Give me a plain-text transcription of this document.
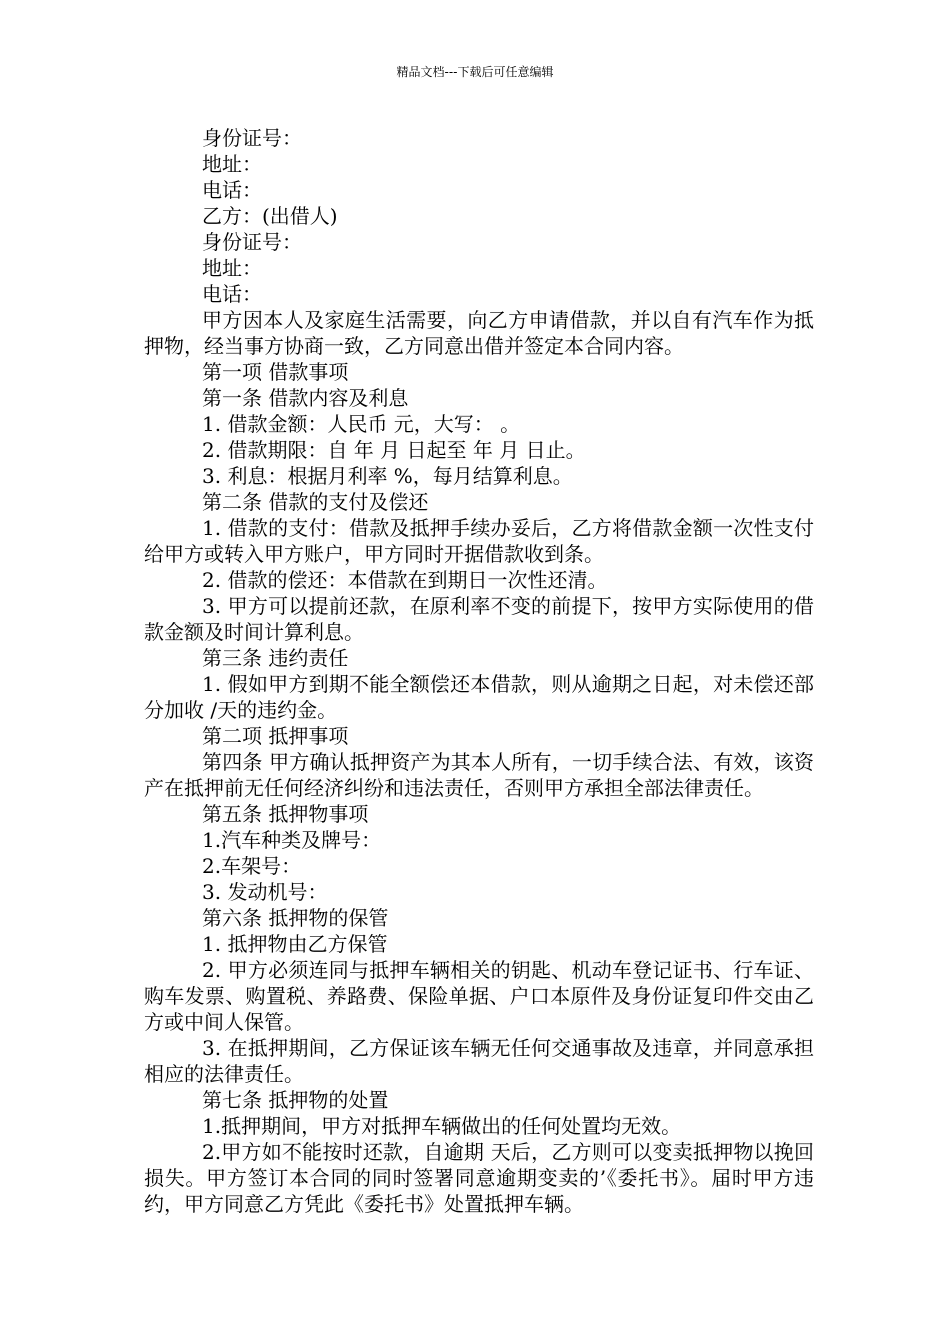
精品文档---下载后可任意编辑

身份证号：

地址：

电话：

乙方：(出借人)

身份证号：

地址：

电话：

甲方因本人及家庭生活需要，向乙方申请借款，并以自有汽车作为抵押物，经当事方协商一致，乙方同意出借并签定本合同内容。

第一项 借款事项

第一条 借款内容及利息

1. 借款金额：人民币 元，大写： 。

2. 借款期限：自 年 月 日起至 年 月 日止。

3. 利息：根据月利率 %，每月结算利息。

第二条 借款的支付及偿还

1. 借款的支付：借款及抵押手续办妥后，乙方将借款金额一次性支付给甲方或转入甲方账户，甲方同时开据借款收到条。

2. 借款的偿还：本借款在到期日一次性还清。

3. 甲方可以提前还款，在原利率不变的前提下，按甲方实际使用的借款金额及时间计算利息。

第三条 违约责任

1. 假如甲方到期不能全额偿还本借款，则从逾期之日起，对未偿还部分加收 /天的违约金。

第二项 抵押事项

第四条 甲方确认抵押资产为其本人所有，一切手续合法、有效，该资产在抵押前无任何经济纠纷和违法责任，否则甲方承担全部法律责任。

第五条 抵押物事项

1.汽车种类及牌号：

2.车架号：

3. 发动机号：

第六条 抵押物的保管

1. 抵押物由乙方保管

2. 甲方必须连同与抵押车辆相关的钥匙、机动车登记证书、行车证、购车发票、购置税、养路费、保险单据、户口本原件及身份证复印件交由乙方或中间人保管。

3. 在抵押期间，乙方保证该车辆无任何交通事故及违章，并同意承担相应的法律责任。

第七条 抵押物的处置

1.抵押期间，甲方对抵押车辆做出的任何处置均无效。

2.甲方如不能按时还款，自逾期 天后，乙方则可以变卖抵押物以挽回损失。甲方签订本合同的同时签署同意逾期变卖的’《委托书》。届时甲方违约，甲方同意乙方凭此《委托书》处置抵押车辆。
